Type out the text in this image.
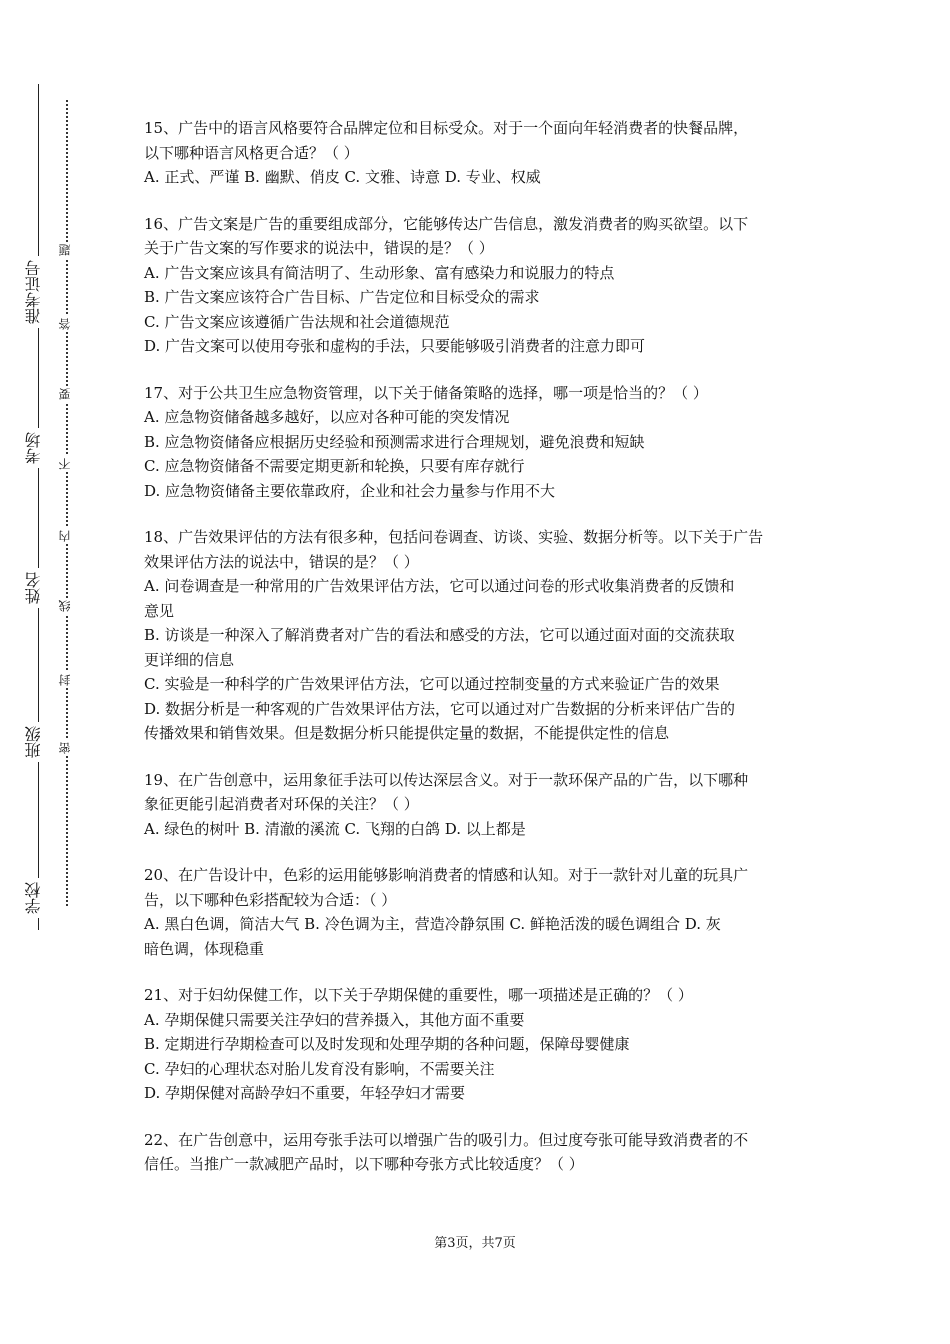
学校
班级
姓名
考场
准考证号
密
封
线
内
不
要
答
题
15、广告中的语言风格要符合品牌定位和目标受众。对于一个面向年轻消费者的快餐品牌，
以下哪种语言风格更合适？（ ）
A. 正式、严谨 B. 幽默、俏皮 C. 文雅、诗意 D. 专业、权威
16、广告文案是广告的重要组成部分，它能够传达广告信息，激发消费者的购买欲望。以下
关于广告文案的写作要求的说法中，错误的是？（ ）
A. 广告文案应该具有简洁明了、生动形象、富有感染力和说服力的特点
B. 广告文案应该符合广告目标、广告定位和目标受众的需求
C. 广告文案应该遵循广告法规和社会道德规范
D. 广告文案可以使用夸张和虚构的手法，只要能够吸引消费者的注意力即可
17、对于公共卫生应急物资管理，以下关于储备策略的选择，哪一项是恰当的？（ ）
A. 应急物资储备越多越好，以应对各种可能的突发情况
B. 应急物资储备应根据历史经验和预测需求进行合理规划，避免浪费和短缺
C. 应急物资储备不需要定期更新和轮换，只要有库存就行
D. 应急物资储备主要依靠政府，企业和社会力量参与作用不大
18、广告效果评估的方法有很多种，包括问卷调查、访谈、实验、数据分析等。以下关于广告
效果评估方法的说法中，错误的是？（ ）
A. 问卷调查是一种常用的广告效果评估方法，它可以通过问卷的形式收集消费者的反馈和
意见
B. 访谈是一种深入了解消费者对广告的看法和感受的方法，它可以通过面对面的交流获取
更详细的信息
C. 实验是一种科学的广告效果评估方法，它可以通过控制变量的方式来验证广告的效果
D. 数据分析是一种客观的广告效果评估方法，它可以通过对广告数据的分析来评估广告的
传播效果和销售效果。但是数据分析只能提供定量的数据，不能提供定性的信息
19、在广告创意中，运用象征手法可以传达深层含义。对于一款环保产品的广告，以下哪种
象征更能引起消费者对环保的关注？（ ）
A. 绿色的树叶 B. 清澈的溪流 C. 飞翔的白鸽 D. 以上都是
20、在广告设计中，色彩的运用能够影响消费者的情感和认知。对于一款针对儿童的玩具广
告，以下哪种色彩搭配较为合适：（ ）
A. 黑白色调，简洁大气 B. 冷色调为主，营造冷静氛围 C. 鲜艳活泼的暖色调组合 D. 灰
暗色调，体现稳重
21、对于妇幼保健工作，以下关于孕期保健的重要性，哪一项描述是正确的？（ ）
A. 孕期保健只需要关注孕妇的营养摄入，其他方面不重要
B. 定期进行孕期检查可以及时发现和处理孕期的各种问题，保障母婴健康
C. 孕妇的心理状态对胎儿发育没有影响，不需要关注
D. 孕期保健对高龄孕妇不重要，年轻孕妇才需要
22、在广告创意中，运用夸张手法可以增强广告的吸引力。但过度夸张可能导致消费者的不
信任。当推广一款减肥产品时，以下哪种夸张方式比较适度？（ ）
第3页，共7页
